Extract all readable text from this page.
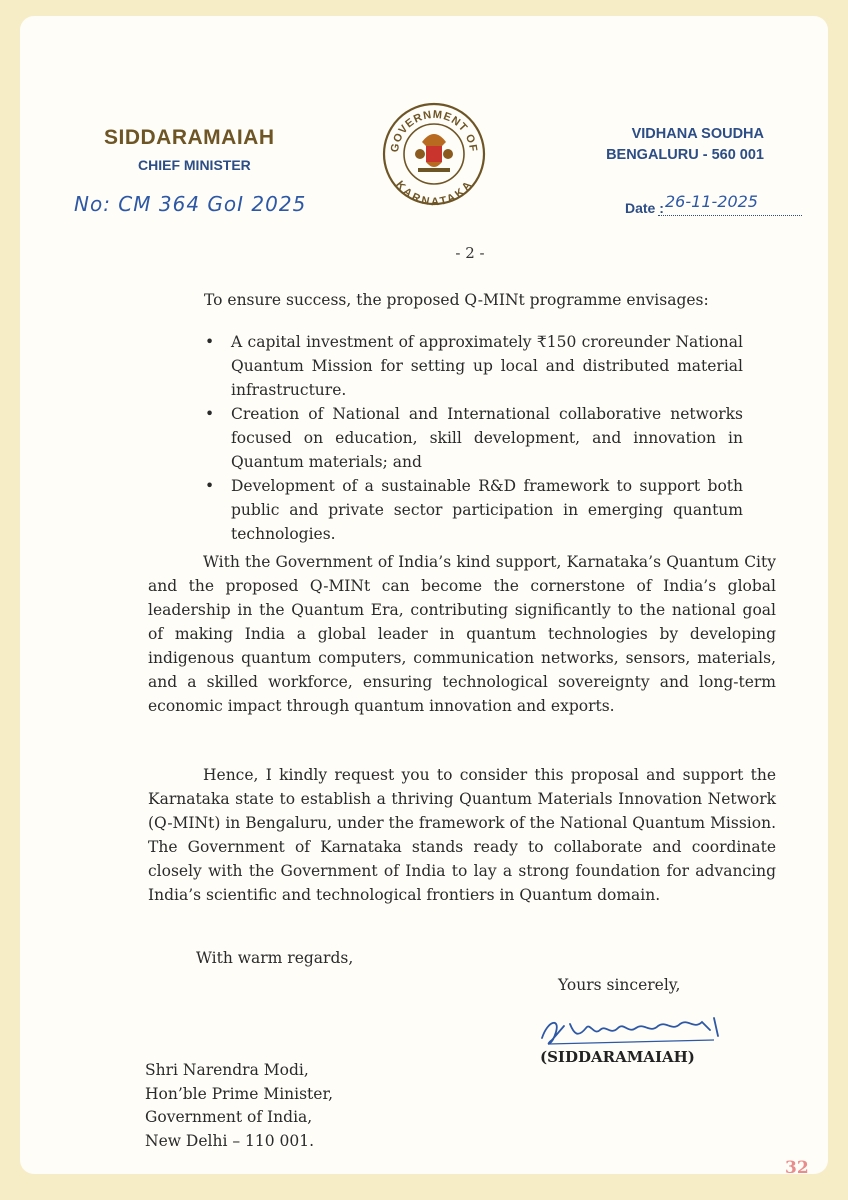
SIDDARAMAIAH
CHIEF MINISTER
No: CM 364 GoI 2025
GOVERNMENT OF
KARNATAKA
VIDHANA SOUDHA
BENGALURU - 560 001
Date : 26-11-2025
- 2 -
To ensure success, the proposed Q-MINt programme envisages:
• A capital investment of approximately ₹150 croreunder National Quantum Mission for setting up local and distributed material infrastructure.
• Creation of National and International collaborative networks focused on education, skill development, and innovation in Quantum materials; and
• Development of a sustainable R&D framework to support both public and private sector participation in emerging quantum technologies.
With the Government of India’s kind support, Karnataka’s Quantum City and the proposed Q-MINt can become the cornerstone of India’s global leadership in the Quantum Era, contributing significantly to the national goal of making India a global leader in quantum technologies by developing indigenous quantum computers, communication networks, sensors, materials, and a skilled workforce, ensuring technological sovereignty and long-term economic impact through quantum innovation and exports.
Hence, I kindly request you to consider this proposal and support the Karnataka state to establish a thriving Quantum Materials Innovation Network (Q-MINt) in Bengaluru, under the framework of the National Quantum Mission. The Government of Karnataka stands ready to collaborate and coordinate closely with the Government of India to lay a strong foundation for advancing India’s scientific and technological frontiers in Quantum domain.
With warm regards,
Yours sincerely,
(SIDDARAMAIAH)
Shri Narendra Modi,
Hon’ble Prime Minister,
Government of India,
New Delhi – 110 001.
32
